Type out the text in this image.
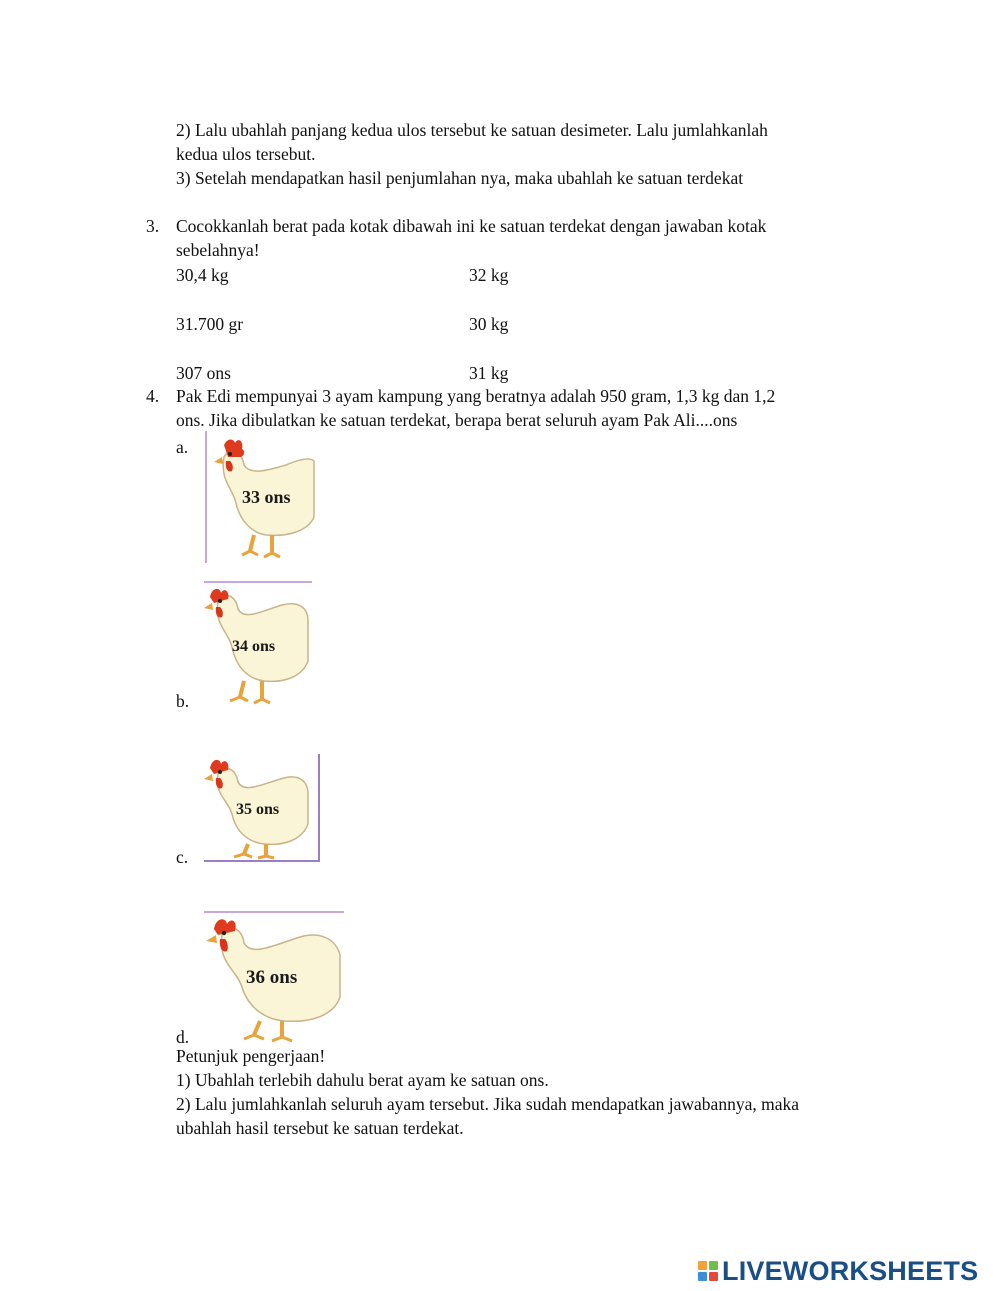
2) Lalu ubahlah panjang kedua ulos tersebut ke satuan desimeter. Lalu jumlahkanlah
kedua ulos tersebut.
3) Setelah mendapatkan hasil penjumlahan nya, maka ubahlah ke satuan terdekat
3. Cocokkanlah berat pada kotak dibawah ini ke satuan terdekat dengan jawaban kotak
sebelahnya!
30,4 kg	32 kg
31.700 gr	30 kg
307 ons	31 kg
4. Pak Edi mempunyai 3 ayam kampung yang beratnya adalah 950 gram, 1,3 kg dan 1,2
ons. Jika dibulatkan ke satuan terdekat, berapa berat seluruh ayam Pak Ali....ons
a.
33 ons
34 ons
b.
35 ons
c.
36 ons
d.
Petunjuk pengerjaan!
1) Ubahlah terlebih dahulu berat ayam ke satuan ons.
2) Lalu jumlahkanlah seluruh ayam tersebut. Jika sudah mendapatkan jawabannya, maka
ubahlah hasil tersebut ke satuan terdekat.
LIVEWORKSHEETS
